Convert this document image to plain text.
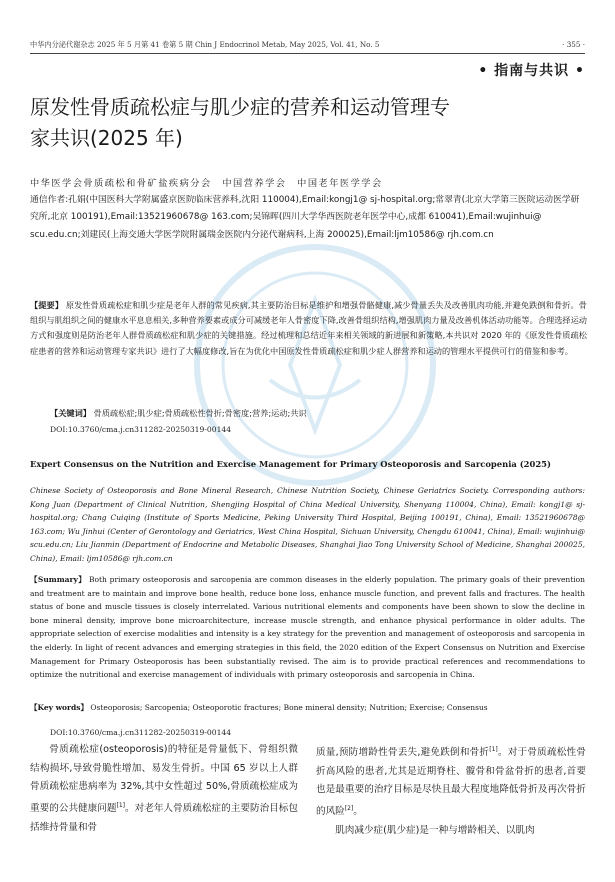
中华内分泌代谢杂志 2025 年 5 月第 41 卷第 5 期 Chin J Endocrinol Metab, May 2025, Vol. 41, No. 5	· 355 ·
• 指南与共识 •
原发性骨质疏松症与肌少症的营养和运动管理专家共识(2025 年)
中华医学会骨质疏松和骨矿盐疾病分会　中国营养学会　中国老年医学学会
通信作者:孔娟(中国医科大学附属盛京医院临床营养科,沈阳 110004),Email:kongj1@ sj-hospital.org;常翠青(北京大学第三医院运动医学研究所,北京 100191),Email:13521960678@ 163.com;吴锦晖(四川大学华西医院老年医学中心,成都 610041),Email:wujinhui@ scu.edu.cn;刘建民(上海交通大学医学院附属瑞金医院内分泌代谢病科,上海 200025),Email:ljm10586@ rjh.com.cn
【提要】 原发性骨质疏松症和肌少症是老年人群的常见疾病,其主要防治目标是维护和增强骨骼健康,减少骨量丢失及改善肌肉功能,并避免跌倒和骨折。骨组织与肌组织之间的健康水平息息相关,多种营养要素或成分可减缓老年人骨密度下降,改善骨组织结构,增强肌肉力量及改善机体活动功能等。合理选择运动方式和强度则是防治老年人群骨质疏松症和肌少症的关键措施。经过梳理和总结近年来相关领域的新进展和新策略,本共识对 2020 年的《原发性骨质疏松症患者的营养和运动管理专家共识》进行了大幅度修改,旨在为优化中国原发性骨质疏松症和肌少症人群营养和运动的管理水平提供可行的借鉴和参考。
【关键词】 骨质疏松症;肌少症;骨质疏松性骨折;骨密度;营养;运动;共识
DOI:10.3760/cma.j.cn311282-20250319-00144
Expert Consensus on the Nutrition and Exercise Management for Primary Osteoporosis and Sarcopenia (2025)
Chinese Society of Osteoporosis and Bone Mineral Research, Chinese Nutrition Society, Chinese Geriatrics Society. Corresponding authors: Kong Juan (Department of Clinical Nutrition, Shengjing Hospital of China Medical University, Shenyang 110004, China), Email: kongj1@ sj-hospital.org; Chang Cuiqing (Institute of Sports Medicine, Peking University Third Hospital, Beijing 100191, China), Email: 13521960678@ 163.com; Wu Jinhui (Center of Gerontology and Geriatrics, West China Hospital, Sichuan University, Chengdu 610041, China), Email: wujinhui@ scu.edu.cn; Liu Jianmin (Department of Endocrine and Metabolic Diseases, Shanghai Jiao Tong University School of Medicine, Shanghai 200025, China), Email: ljm10586@ rjh.com.cn
【Summary】 Both primary osteoporosis and sarcopenia are common diseases in the elderly population. The primary goals of their prevention and treatment are to maintain and improve bone health, reduce bone loss, enhance muscle function, and prevent falls and fractures. The health status of bone and muscle tissues is closely interrelated. Various nutritional elements and components have been shown to slow the decline in bone mineral density, improve bone microarchitecture, increase muscle strength, and enhance physical performance in older adults. The appropriate selection of exercise modalities and intensity is a key strategy for the prevention and management of osteoporosis and sarcopenia in the elderly. In light of recent advances and emerging strategies in this field, the 2020 edition of the Expert Consensus on Nutrition and Exercise Management for Primary Osteoporosis has been substantially revised. The aim is to provide practical references and recommendations to optimize the nutritional and exercise management of individuals with primary osteoporosis and sarcopenia in China.
【Key words】 Osteoporosis; Sarcopenia; Osteoporotic fractures; Bone mineral density; Nutrition; Exercise; Consensus
DOI:10.3760/cma.j.cn311282-20250319-00144
骨质疏松症(osteoporosis)的特征是骨量低下、骨组织微结构损坏,导致骨脆性增加、易发生骨折。中国 65 岁以上人群骨质疏松症患病率为 32%,其中女性超过 50%,骨质疏松症成为重要的公共健康问题[1]。对老年人骨质疏松症的主要防治目标包括维持骨量和骨
质量,预防增龄性骨丢失,避免跌倒和骨折[1]。对于骨质疏松性骨折高风险的患者,尤其是近期脊柱、髋骨和骨盆骨折的患者,首要也是最重要的治疗目标是尽快且最大程度地降低骨折及再次骨折的风险[2]。
肌肉减少症(肌少症)是一种与增龄相关、以肌肉
